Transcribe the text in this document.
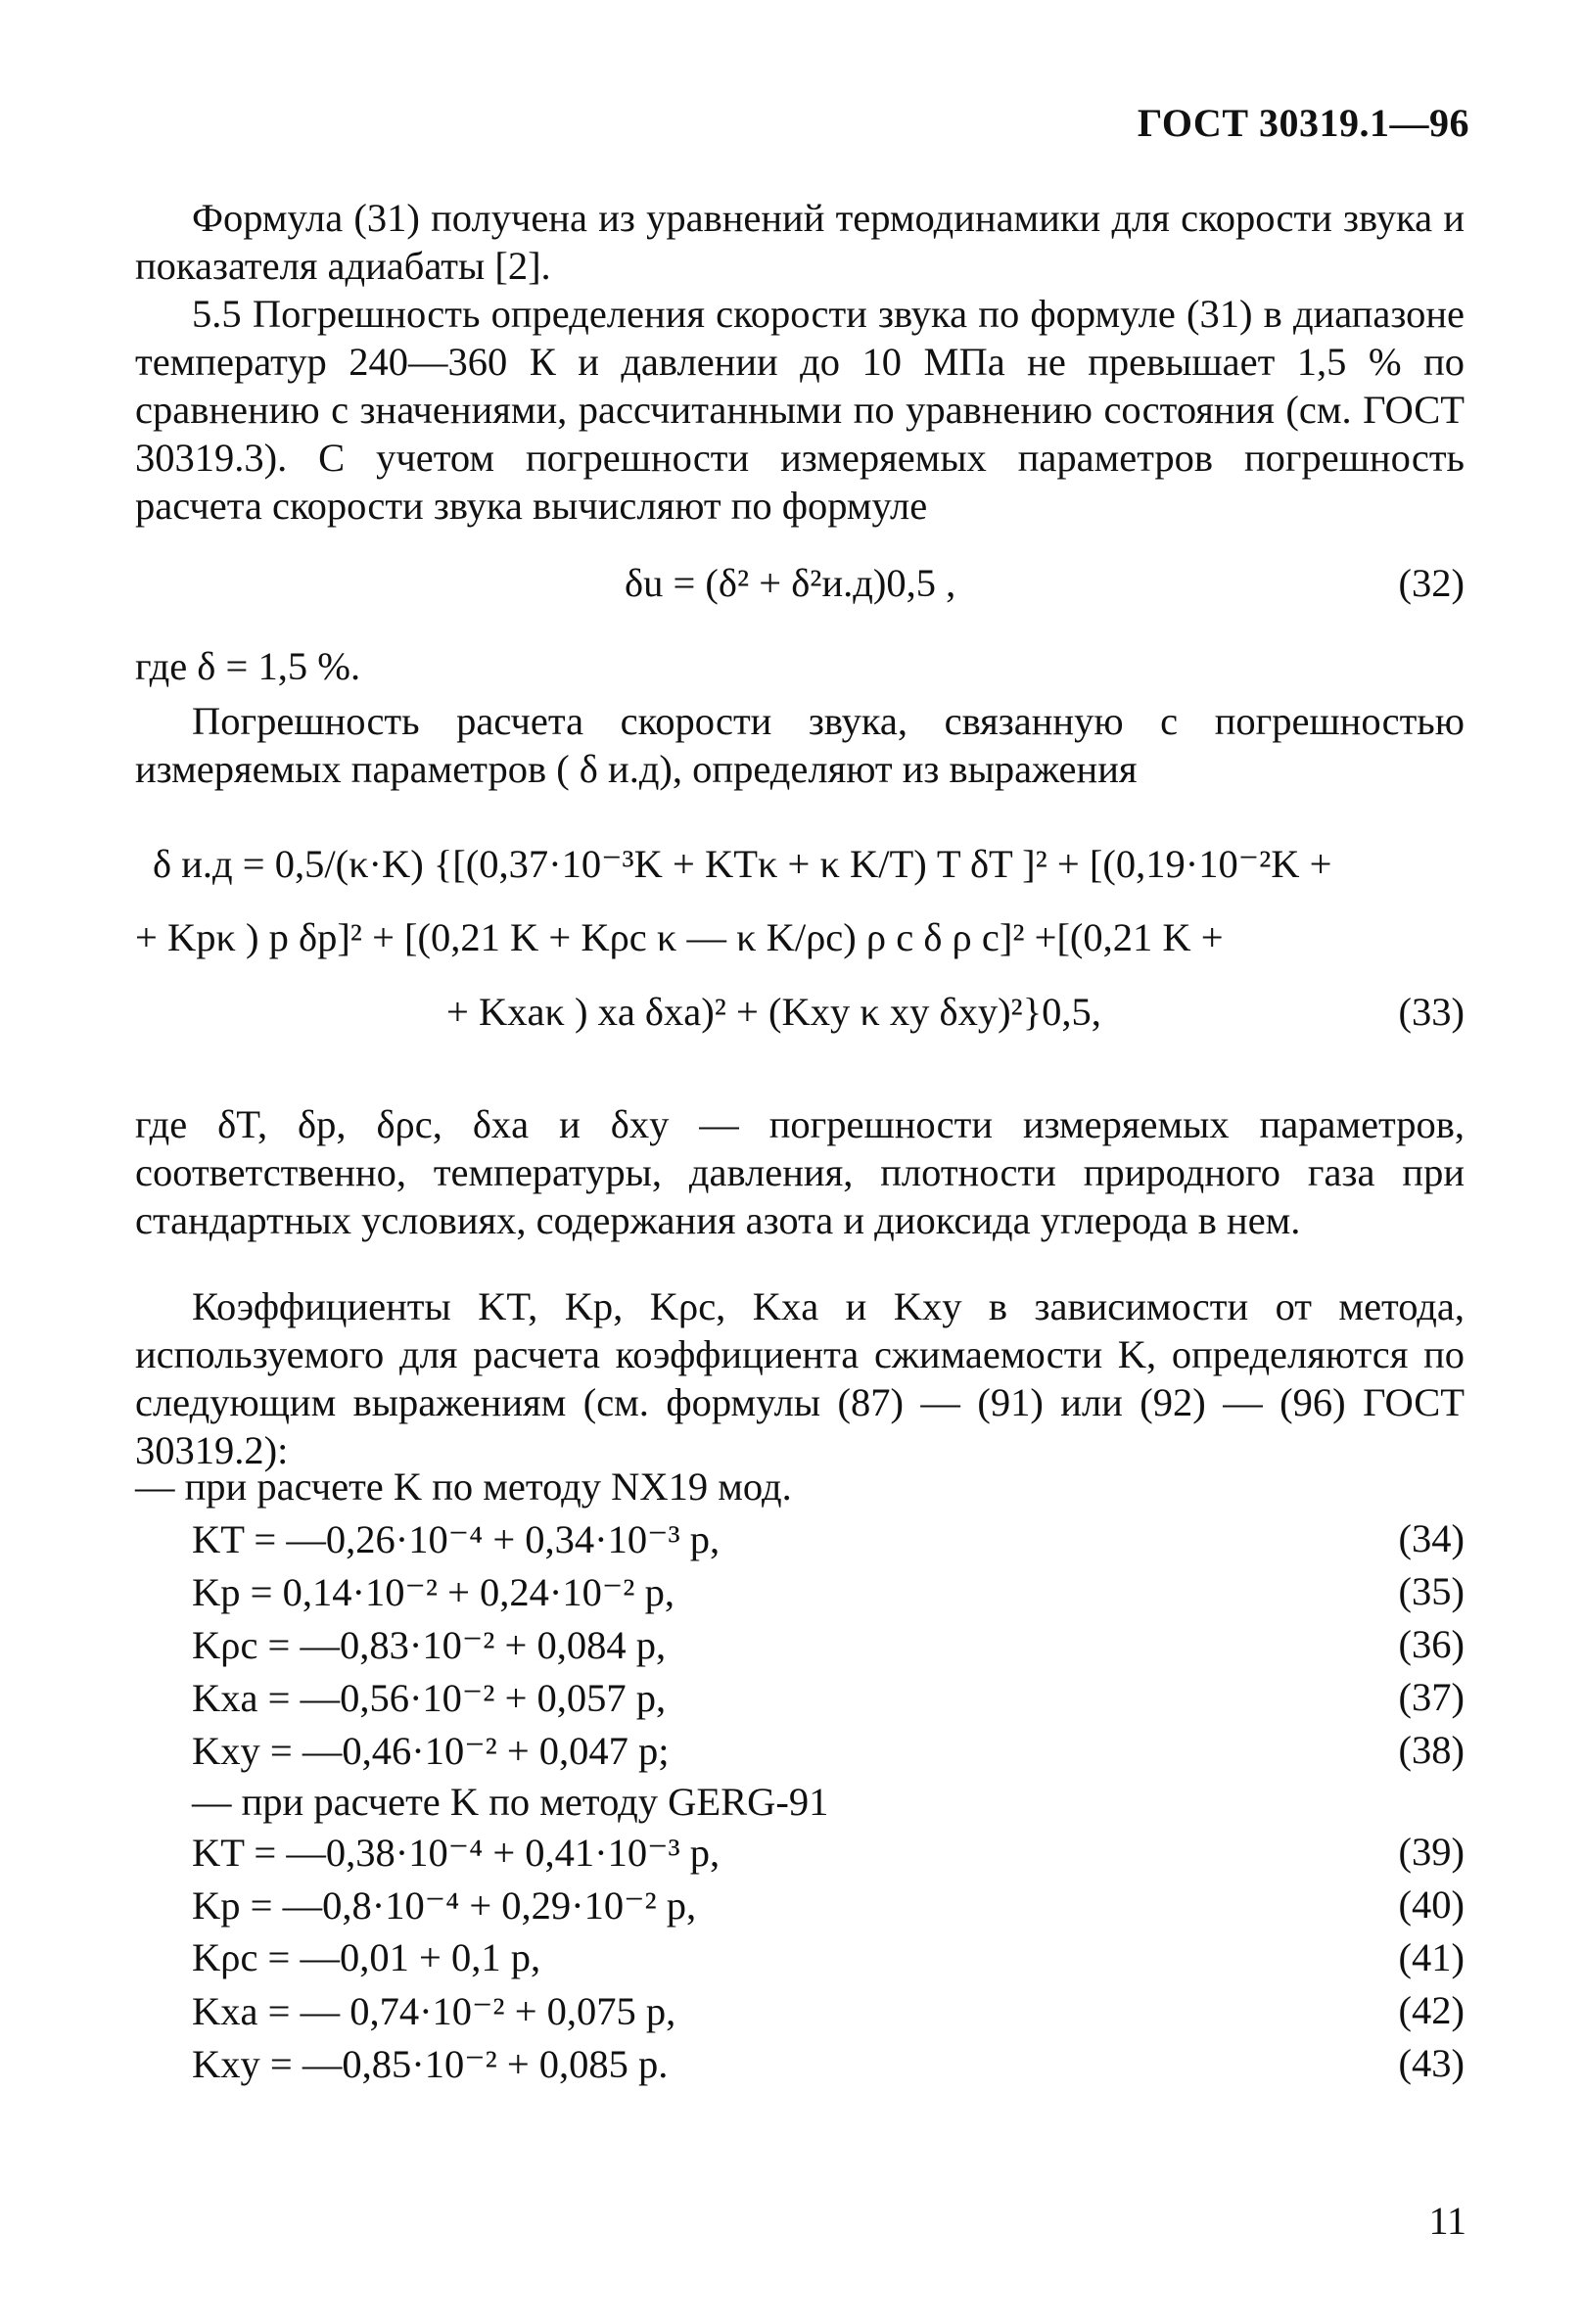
ГОСТ 30319.1—96
Формула (31) получена из уравнений термодинамики для скорости звука и показателя адиабаты [2].
5.5 Погрешность определения скорости звука по формуле (31) в диапазоне температур 240—360 К и давлении до 10 МПа не превышает 1,5 % по сравнению с значениями, рассчитанными по уравнению состояния (см. ГОСТ 30319.3). С учетом погрешности измеряемых параметров погрешность расчета скорости звука вычисляют по формуле
δu = (δ² + δ²и.д)0,5 ,	(32)
где δ = 1,5 %.
Погрешность расчета скорости звука, связанную с погрешностью измеряемых параметров ( δ и.д), определяют из выражения
δ и.д = 0,5/(κ·K) {[(0,37·10⁻³K + KTκ + κ K/T) T δT ]² + [(0,19·10⁻²K +
+ Kpκ ) p δp]² + [(0,21 K + Kρc κ — κ K/ρc) ρ c δ ρ c]² +[(0,21 K +
+ Kxaκ ) xa δxa)² + (Kxy κ xy δxy)²}0,5,	(33)
где δT, δp, δρс, δxa и δxy — погрешности измеряемых параметров, соответственно, температуры, давления, плотности природного газа при стандартных условиях, содержания азота и диоксида углерода в нем.
Коэффициенты KT, Kp, Kρc, Kxa и Kxy в зависимости от метода, используемого для расчета коэффициента сжимаемости K, определяются по следующим выражениям (см. формулы (87) — (91) или (92) — (96) ГОСТ 30319.2):
— при расчете K по методу NX19 мод.
KT = —0,26·10⁻⁴ + 0,34·10⁻³ p,	(34)
Kp = 0,14·10⁻² + 0,24·10⁻² p,	(35)
Kρc = —0,83·10⁻² + 0,084 p,	(36)
Kxa = —0,56·10⁻² + 0,057 p,	(37)
Kxy = —0,46·10⁻² + 0,047 p;	(38)
— при расчете K по методу GERG-91
KT = —0,38·10⁻⁴ + 0,41·10⁻³ p,	(39)
Kp = —0,8·10⁻⁴ + 0,29·10⁻² p,	(40)
Kρc = —0,01 + 0,1 p,	(41)
Kxa = — 0,74·10⁻² + 0,075 p,	(42)
Kxy = —0,85·10⁻² + 0,085 p.	(43)
11
